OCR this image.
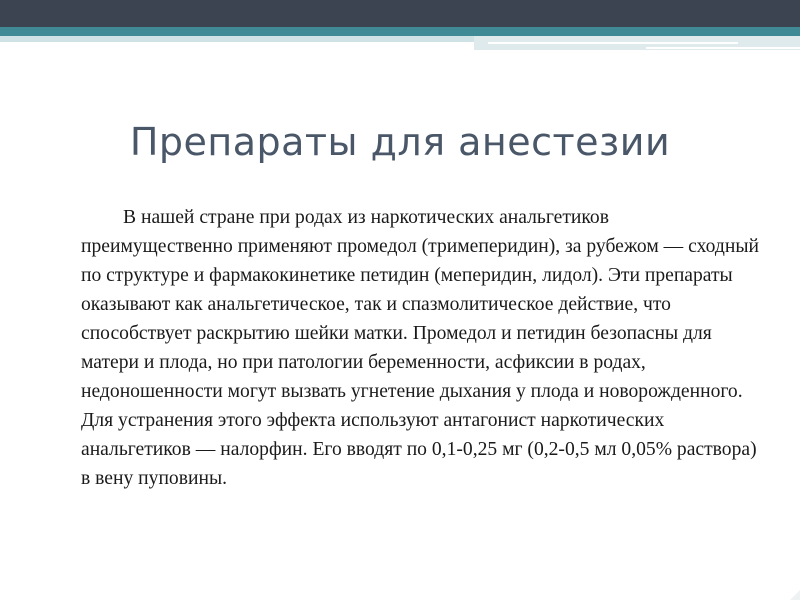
Препараты для анестезии

В нашей стране при родах из наркотических анальгетиков преимущественно применяют промедол (тримеперидин), за рубежом — сходный по структуре и фармакокинетике петидин (меперидин, лидол). Эти препараты оказывают как анальгетическое, так и спазмолитическое действие, что способствует раскрытию шейки матки. Промедол и петидин безопасны для матери и плода, но при патологии беременности, асфиксии в родах, недоношенности могут вызвать угнетение дыхания у плода и новорожденного. Для устранения этого эффекта используют антагонист наркотических анальгетиков — налорфин. Его вводят по 0,1-0,25 мг (0,2-0,5 мл 0,05% раствора) в вену пуповины.
